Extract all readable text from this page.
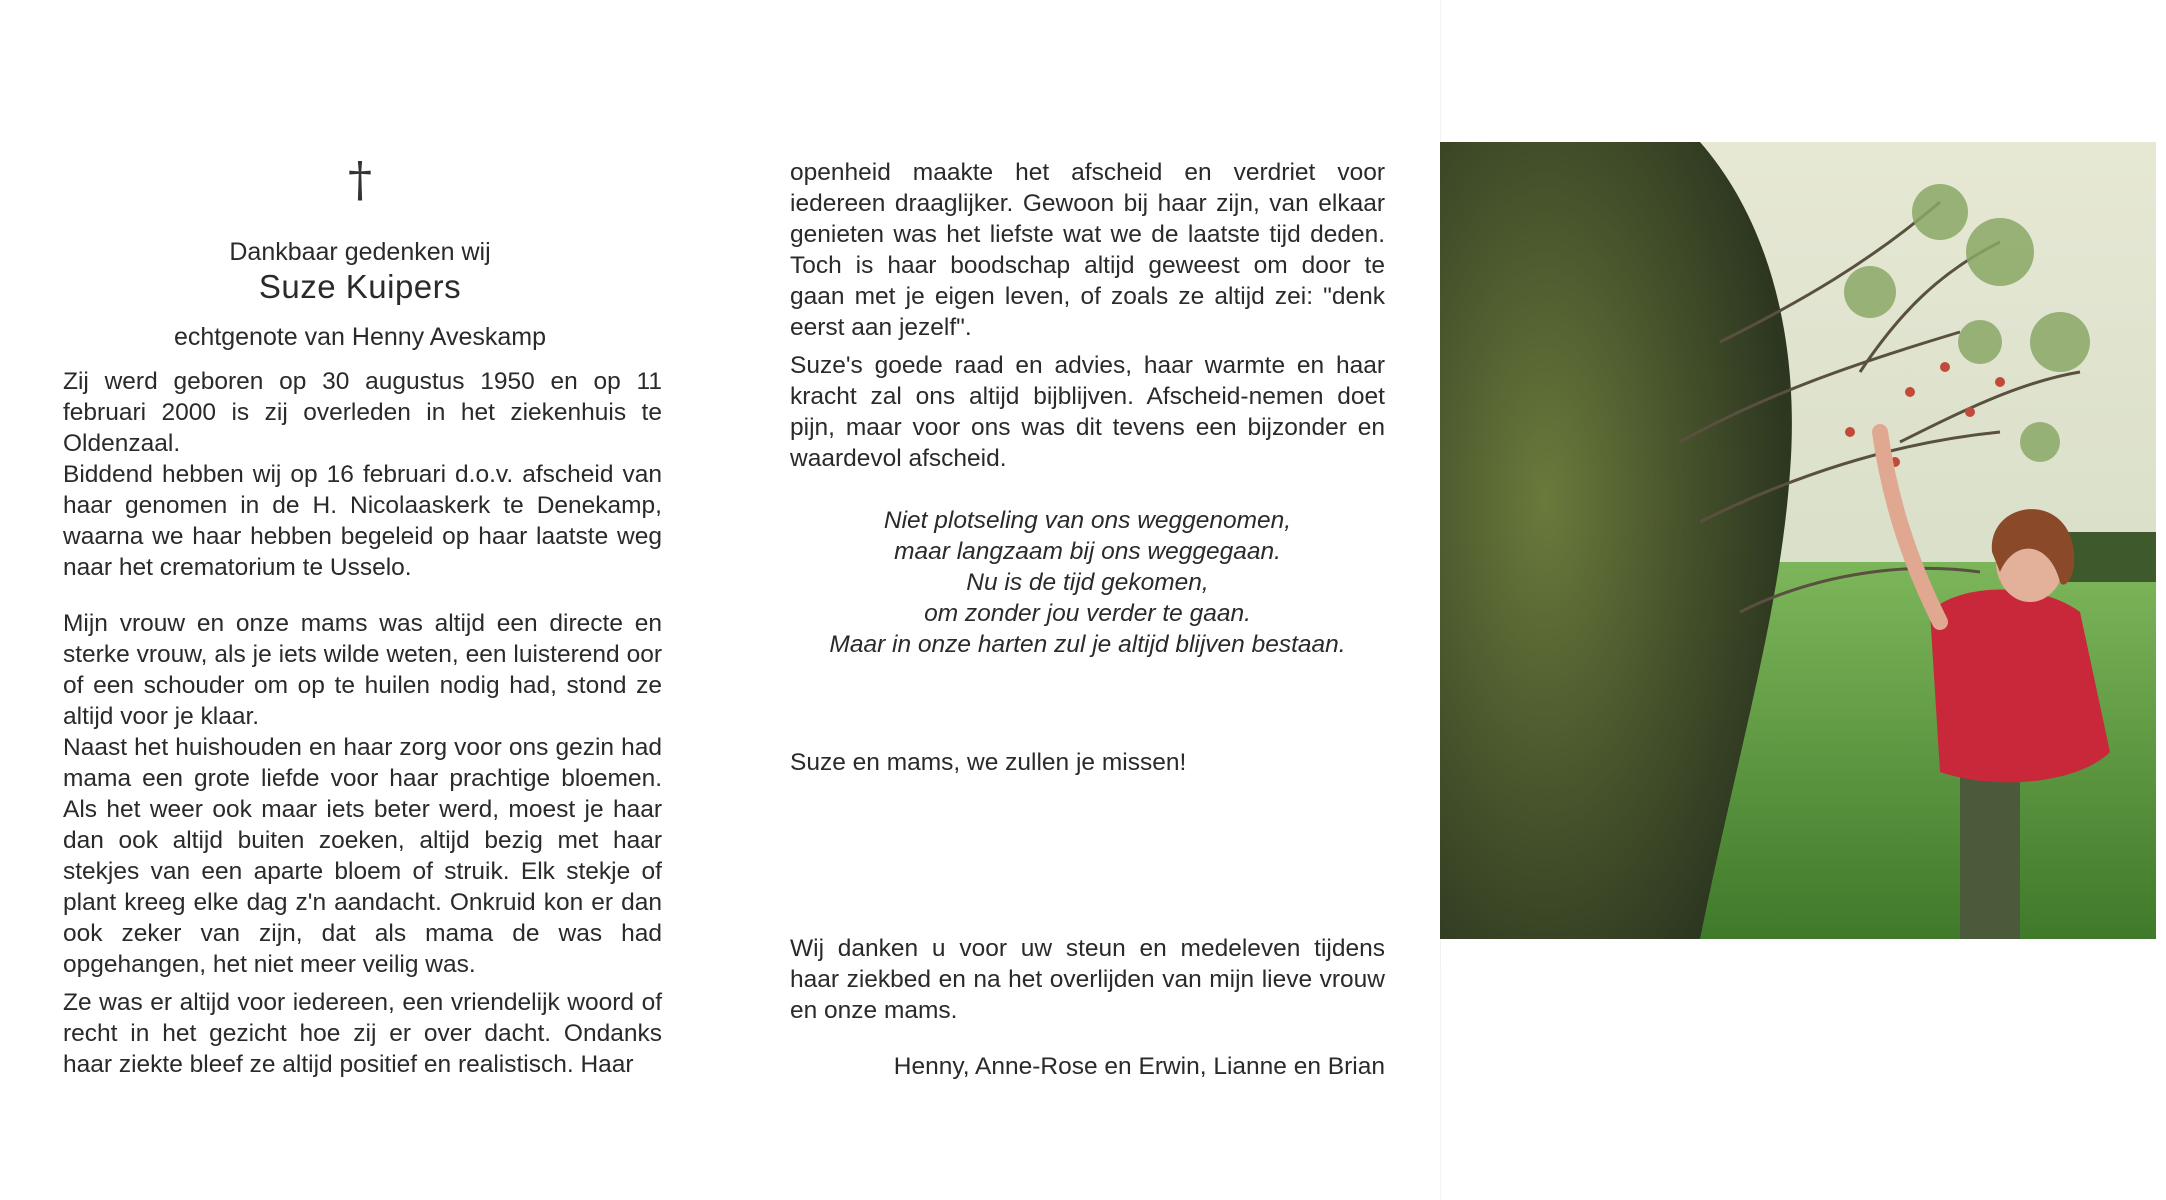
†
Dankbaar gedenken wij
Suze Kuipers
echtgenote van Henny Aveskamp

Zij werd geboren op 30 augustus 1950 en op 11 februari 2000 is zij overleden in het ziekenhuis te Oldenzaal.

Biddend hebben wij op 16 februari d.o.v. afscheid van haar genomen in de H. Nicolaaskerk te Denekamp, waarna we haar hebben begeleid op haar laatste weg naar het crematorium te Usselo.

Mijn vrouw en onze mams was altijd een directe en sterke vrouw, als je iets wilde weten, een luisterend oor of een schouder om op te huilen nodig had, stond ze altijd voor je klaar.

Naast het huishouden en haar zorg voor ons gezin had mama een grote liefde voor haar prachtige bloemen. Als het weer ook maar iets beter werd, moest je haar dan ook altijd buiten zoeken, altijd bezig met haar stekjes van een aparte bloem of struik. Elk stekje of plant kreeg elke dag z'n aandacht. Onkruid kon er dan ook zeker van zijn, dat als mama de was had opgehangen, het niet meer veilig was.

Ze was er altijd voor iedereen, een vriendelijk woord of recht in het gezicht hoe zij er over dacht. Ondanks haar ziekte bleef ze altijd positief en realistisch. Haar

openheid maakte het afscheid en verdriet voor iedereen draaglijker. Gewoon bij haar zijn, van elkaar genieten was het liefste wat we de laatste tijd deden. Toch is haar boodschap altijd geweest om door te gaan met je eigen leven, of zoals ze altijd zei: "denk eerst aan jezelf".

Suze's goede raad en advies, haar warmte en haar kracht zal ons altijd bijblijven. Afscheid-nemen doet pijn, maar voor ons was dit tevens een bijzonder en waardevol afscheid.

Niet plotseling van ons weggenomen,
maar langzaam bij ons weggegaan.
Nu is de tijd gekomen,
om zonder jou verder te gaan.
Maar in onze harten zul je altijd blijven bestaan.
Suze en mams, we zullen je missen!

Wij danken u voor uw steun en medeleven tijdens haar ziekbed en na het overlijden van mijn lieve vrouw en onze mams.

Henny, Anne-Rose en Erwin, Lianne en Brian
